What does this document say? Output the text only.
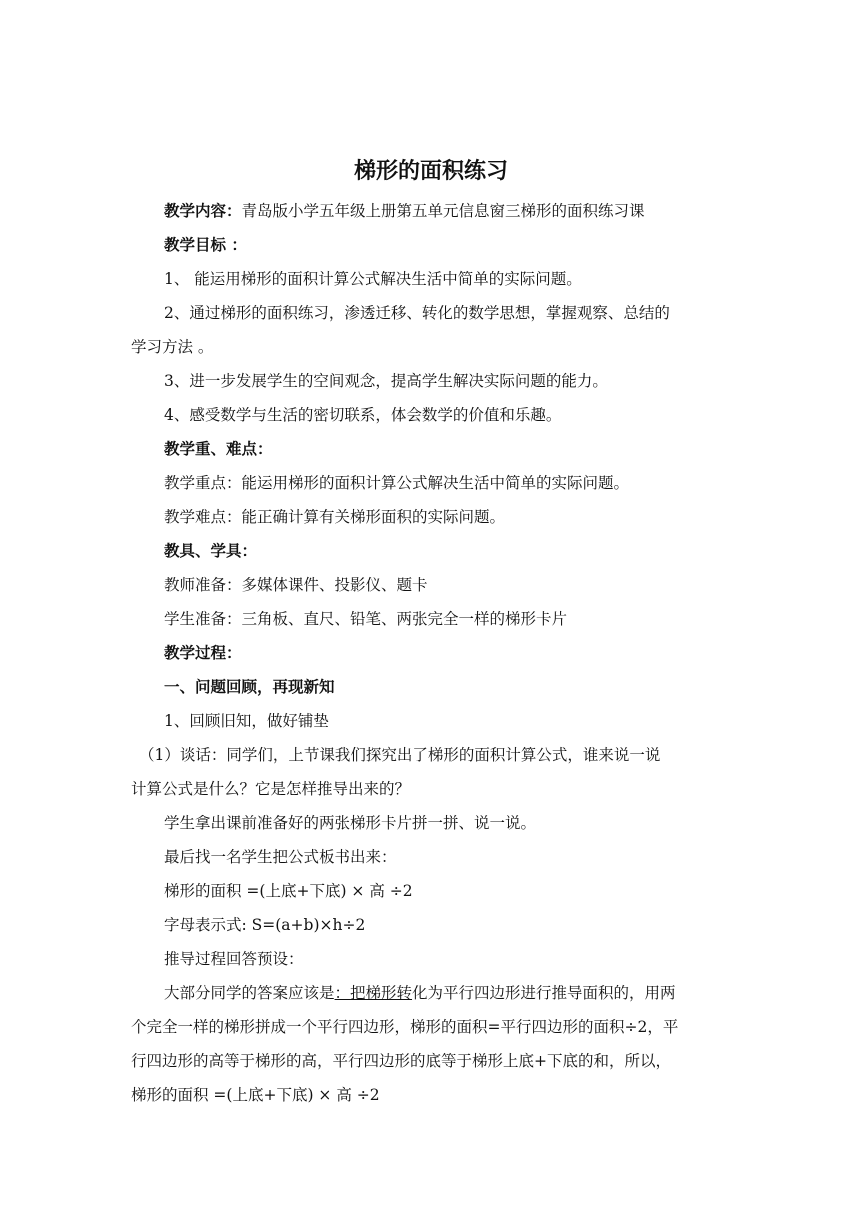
梯形的面积练习

教学内容：青岛版小学五年级上册第五单元信息窗三梯形的面积练习课

教学目标 ：

1、 能运用梯形的面积计算公式解决生活中简单的实际问题。

2、通过梯形的面积练习，渗透迁移、转化的数学思想，掌握观察、总结的

学习方法 。

3、进一步发展学生的空间观念，提高学生解决实际问题的能力。

4、感受数学与生活的密切联系，体会数学的价值和乐趣。

教学重、难点：

教学重点：能运用梯形的面积计算公式解决生活中简单的实际问题。

教学难点：能正确计算有关梯形面积的实际问题。

教具、学具：

教师准备：多媒体课件、投影仪、题卡

学生准备：三角板、直尺、铅笔、两张完全一样的梯形卡片

教学过程：

一、问题回顾，再现新知

1、回顾旧知，做好铺垫

（1）谈话：同学们，上节课我们探究出了梯形的面积计算公式，谁来说一说

计算公式是什么？它是怎样推导出来的？

学生拿出课前准备好的两张梯形卡片拼一拼、说一说。

最后找一名学生把公式板书出来：

梯形的面积 =(上底+下底) × 高 ÷2

字母表示式: S=(a+b)×h÷2

推导过程回答预设：

大部分同学的答案应该是：把梯形转化为平行四边形进行推导面积的，用两

个完全一样的梯形拼成一个平行四边形，梯形的面积=平行四边形的面积÷2，平

行四边形的高等于梯形的高，平行四边形的底等于梯形上底+下底的和，所以，

梯形的面积 =(上底+下底) × 高 ÷2
